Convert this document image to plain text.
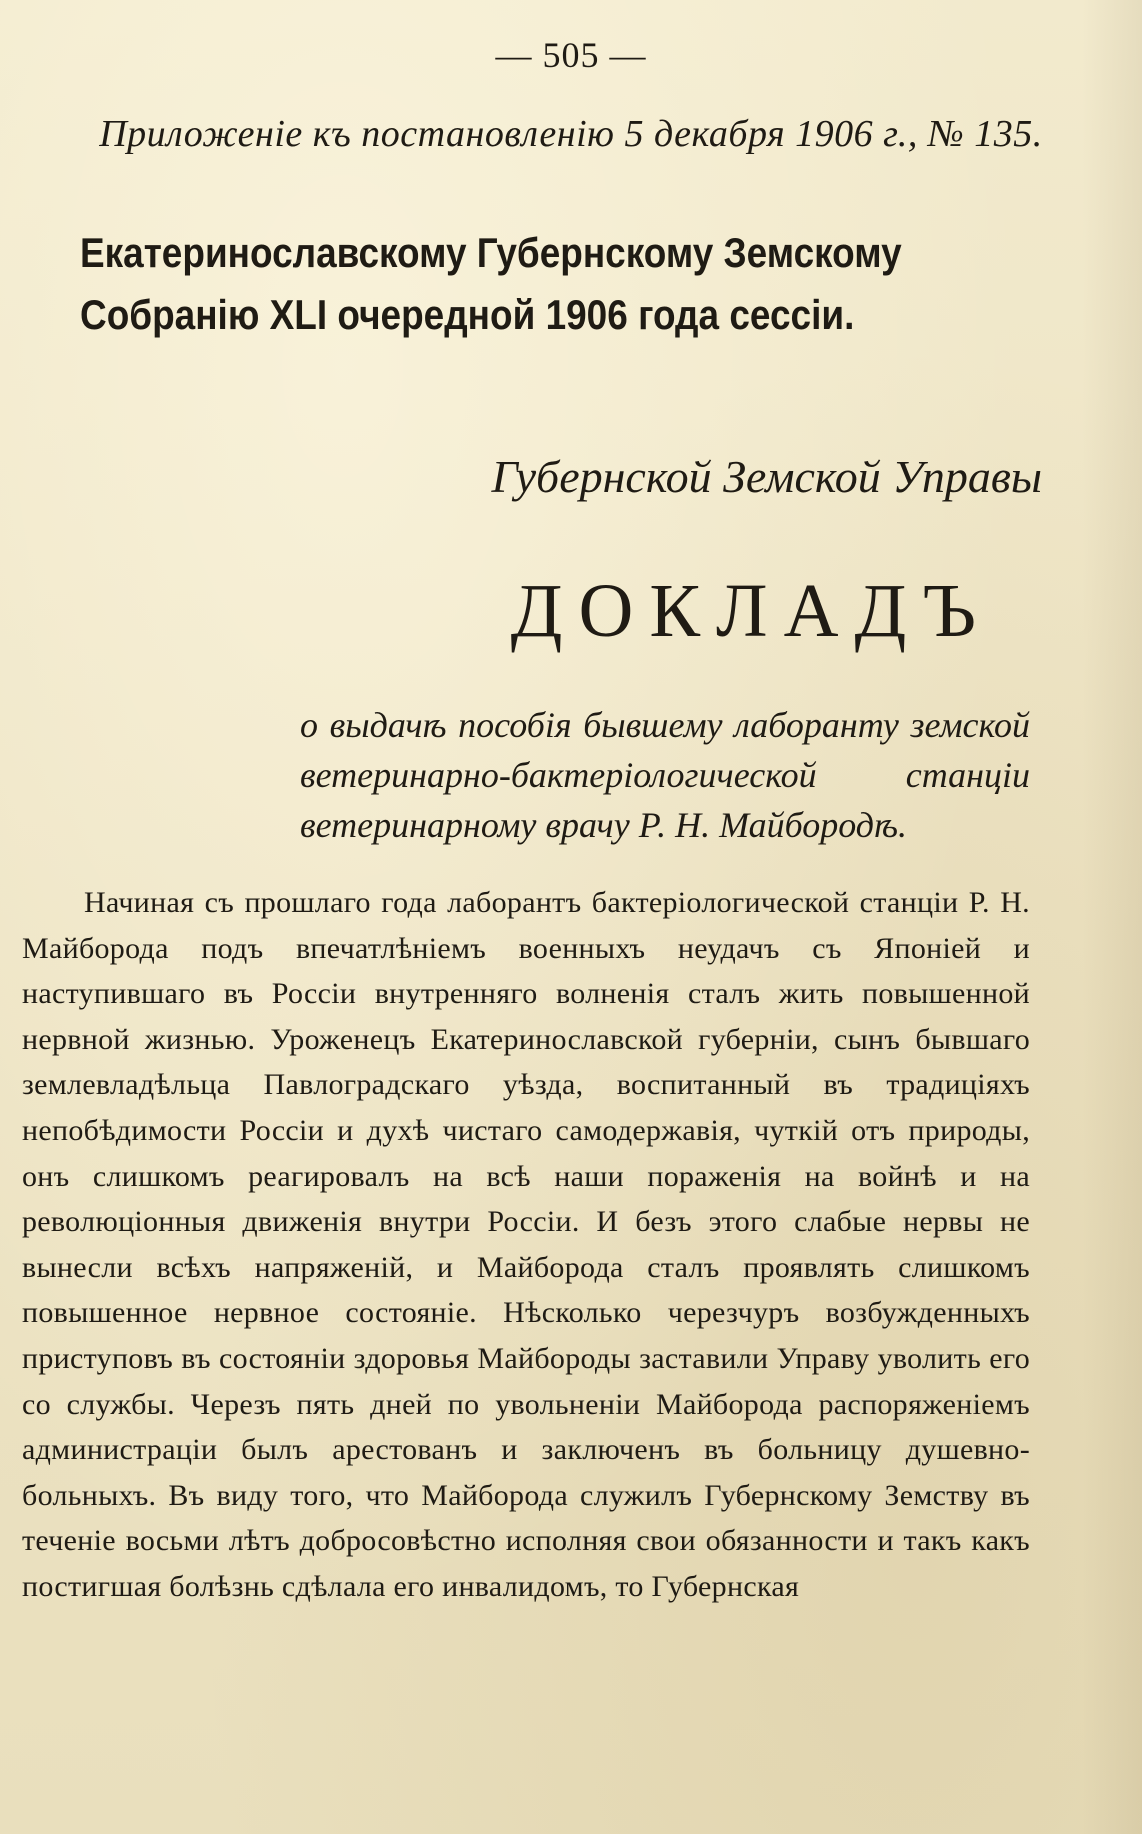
— 505 —
Приложеніе къ постановленію 5 декабря 1906 г., № 135.
Екатеринославскому Губернскому Земскому Собранію XLI очередной 1906 года сессіи.
Губернской Земской Управы
ДОКЛАДЪ
о выдачѣ пособія бывшему лаборанту земской ветеринарно-бактеріологической станціи ветеринарному врачу Р. Н. Майбородѣ.

Начиная съ прошлаго года лаборантъ бактеріологической станціи Р. Н. Майборода подъ впечатлѣніемъ военныхъ неудачъ съ Японіей и наступившаго въ Россіи внутренняго волненія сталъ жить повышенной нервной жизнью. Уроженецъ Екатеринославской губерніи, сынъ бывшаго землевладѣльца Павлоградскаго уѣзда, воспитанный въ традиціяхъ непобѣдимости Россіи и духѣ чистаго самодержавія, чуткій отъ природы, онъ слишкомъ реагировалъ на всѣ наши пораженія на войнѣ и на революціонныя движенія внутри Россіи. И безъ этого слабые нервы не вынесли всѣхъ напряженій, и Майборода сталъ проявлять слишкомъ повышенное нервное состояніе. Нѣсколько черезчуръ возбужденныхъ приступовъ въ состояніи здоровья Майбороды заставили Управу уволить его со службы. Черезъ пять дней по увольненіи Майборода распоряженіемъ администраціи былъ арестованъ и заключенъ въ больницу душевно-больныхъ. Въ виду того, что Майборода служилъ Губернскому Земству въ теченіе восьми лѣтъ добросовѣстно исполняя свои обязанности и такъ какъ постигшая болѣзнь сдѣлала его инвалидомъ, то Губернская
